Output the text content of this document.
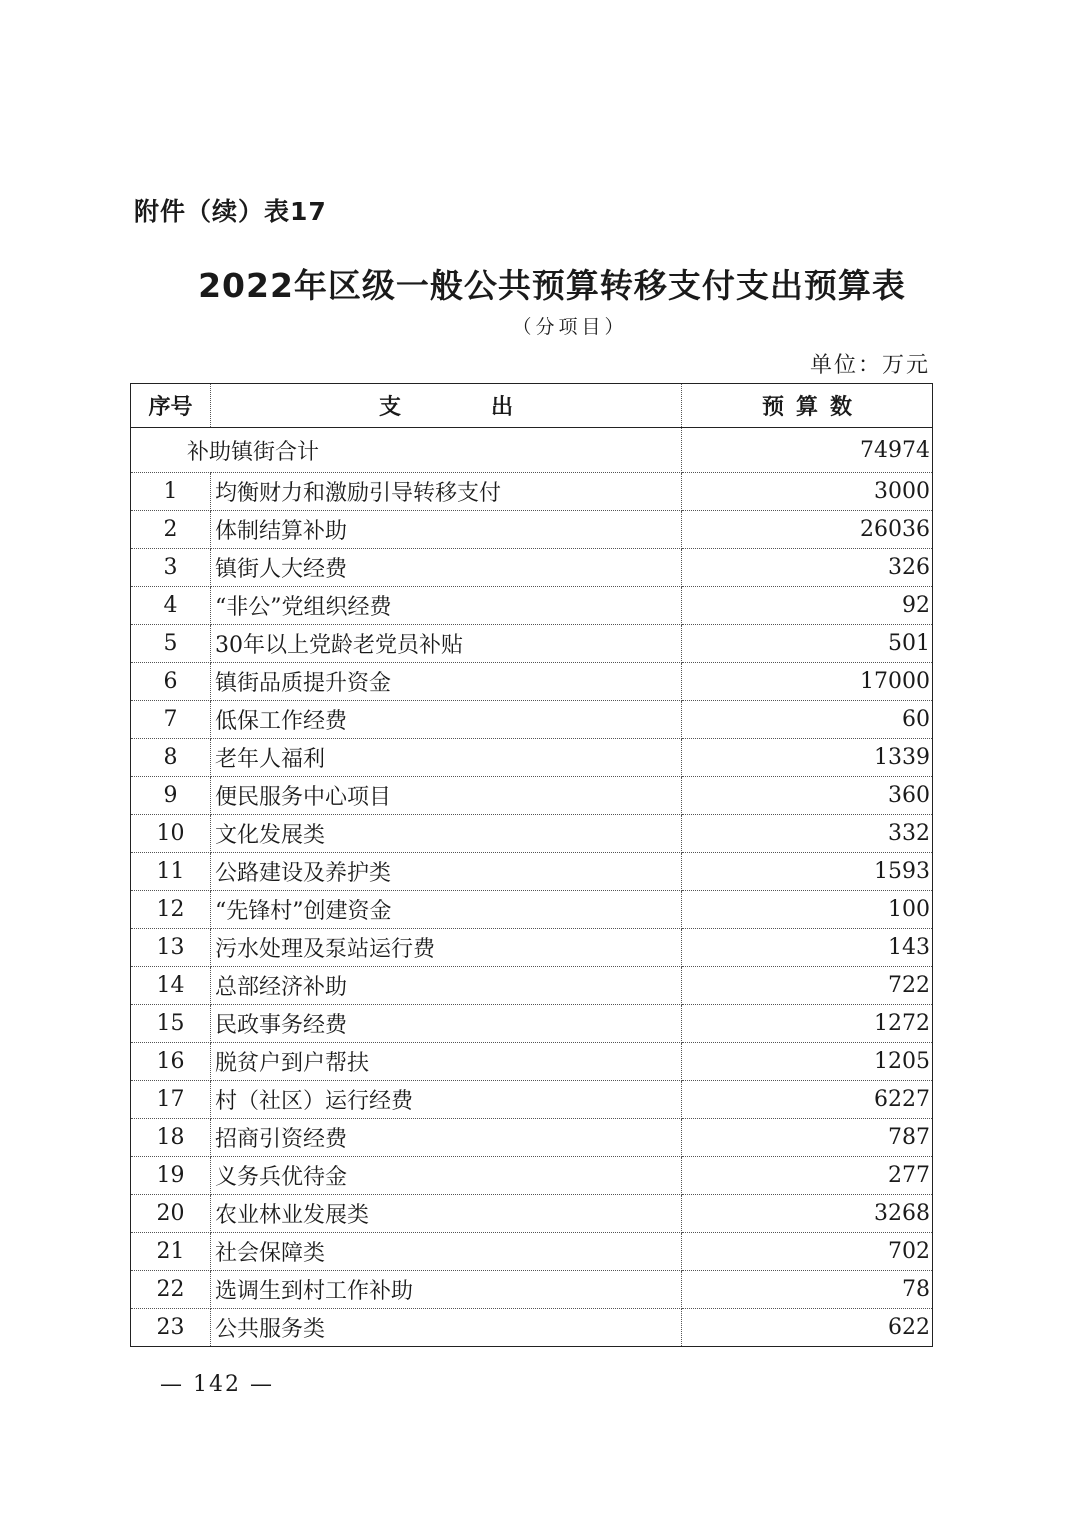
附件（续）表17
2022年区级一般公共预算转移支付支出预算表
（分项目）
单位：万元
序号	支出	预算数
补助镇街合计		74974
1	均衡财力和激励引导转移支付	3000
2	体制结算补助	26036
3	镇街人大经费	326
4	“非公”党组织经费	92
5	30年以上党龄老党员补贴	501
6	镇街品质提升资金	17000
7	低保工作经费	60
8	老年人福利	1339
9	便民服务中心项目	360
10	文化发展类	332
11	公路建设及养护类	1593
12	“先锋村”创建资金	100
13	污水处理及泵站运行费	143
14	总部经济补助	722
15	民政事务经费	1272
16	脱贫户到户帮扶	1205
17	村（社区）运行经费	6227
18	招商引资经费	787
19	义务兵优待金	277
20	农业林业发展类	3268
21	社会保障类	702
22	选调生到村工作补助	78
23	公共服务类	622
— 142 —
